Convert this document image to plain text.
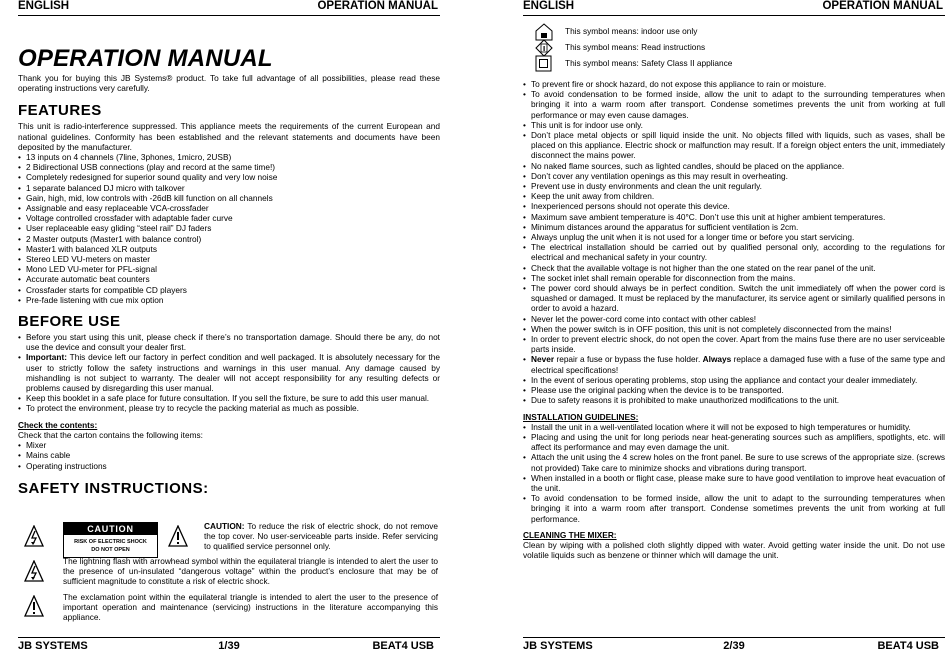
ENGLISH	OPERATION MANUAL
OPERATION MANUAL

Thank you for buying this JB Systems® product. To take full advantage of all possibilities, please read these operating instructions very carefully.

FEATURES

This unit is radio-interference suppressed. This appliance meets the requirements of the current European and national guidelines. Conformity has been established and the relevant statements and documents have been deposited by the manufacturer.

• 13 inputs on 4 channels (7line, 3phones, 1micro, 2USB)
• 2 Bidirectional USB connections (play and record at the same time!)
• Completely redesigned for superior sound quality and very low noise
• 1 separate balanced DJ micro with talkover
• Gain, high, mid, low controls with -26dB kill function on all channels
• Assignable and easy replaceable VCA-crossfader
• Voltage controlled crossfader with adaptable fader curve
• User replaceable easy gliding “steel rail” DJ faders
• 2 Master outputs (Master1 with balance control)
• Master1 with balanced XLR outputs
• Stereo LED VU-meters on master
• Mono LED VU-meter for PFL-signal
• Accurate automatic beat counters
• Crossfader starts for compatible CD players
• Pre-fade listening with cue mix option
BEFORE USE
• Before you start using this unit, please check if there’s no transportation damage. Should there be any, do not use the device and consult your dealer first.
• Important: This device left our factory in perfect condition and well packaged. It is absolutely necessary for the user to strictly follow the safety instructions and warnings in this user manual. Any damage caused by mishandling is not subject to warranty. The dealer will not accept responsibility for any resulting defects or problems caused by disregarding this user manual.
• Keep this booklet in a safe place for future consultation. If you sell the fixture, be sure to add this user manual.
• To protect the environment, please try to recycle the packing material as much as possible.
Check the contents:

Check that the carton contains the following items:

• Mixer
• Mains cable
• Operating instructions
SAFETY INSTRUCTIONS:
CAUTION
RISK OF ELECTRIC SHOCK
DO NOT OPEN

CAUTION: To reduce the risk of electric shock, do not remove the top cover. No user-serviceable parts inside. Refer servicing to qualified service personnel only.

The lightning flash with arrowhead symbol within the equilateral triangle is intended to alert the user to the presence of un-insulated “dangerous voltage” within the product’s enclosure that may be of sufficient magnitude to constitute a risk of electric shock.

The exclamation point within the equilateral triangle is intended to alert the user to the presence of important operation and maintenance (servicing) instructions in the literature accompanying this appliance.

JB SYSTEMS	1/39	BEAT4 USB
ENGLISH	OPERATION MANUAL
This symbol means: indoor use only
This symbol means: Read instructions
This symbol means: Safety Class II appliance
• To prevent fire or shock hazard, do not expose this appliance to rain or moisture.
• To avoid condensation to be formed inside, allow the unit to adapt to the surrounding temperatures when bringing it into a warm room after transport. Condense sometimes prevents the unit from working at full performance or may even cause damages.
• This unit is for indoor use only.
• Don’t place metal objects or spill liquid inside the unit. No objects filled with liquids, such as vases, shall be placed on this appliance. Electric shock or malfunction may result. If a foreign object enters the unit, immediately disconnect the mains power.
• No naked flame sources, such as lighted candles, should be placed on the appliance.
• Don’t cover any ventilation openings as this may result in overheating.
• Prevent use in dusty environments and clean the unit regularly.
• Keep the unit away from children.
• Inexperienced persons should not operate this device.
• Maximum save ambient temperature is 40°C. Don’t use this unit at higher ambient temperatures.
• Minimum distances around the apparatus for sufficient ventilation is 2cm.
• Always unplug the unit when it is not used for a longer time or before you start servicing.
• The electrical installation should be carried out by qualified personal only, according to the regulations for electrical and mechanical safety in your country.
• Check that the available voltage is not higher than the one stated on the rear panel of the unit.
• The socket inlet shall remain operable for disconnection from the mains.
• The power cord should always be in perfect condition. Switch the unit immediately off when the power cord is squashed or damaged. It must be replaced by the manufacturer, its service agent or similarly qualified persons in order to avoid a hazard.
• Never let the power-cord come into contact with other cables!
• When the power switch is in OFF position, this unit is not completely disconnected from the mains!
• In order to prevent electric shock, do not open the cover. Apart from the mains fuse there are no user serviceable parts inside.
• Never repair a fuse or bypass the fuse holder. Always replace a damaged fuse with a fuse of the same type and electrical specifications!
• In the event of serious operating problems, stop using the appliance and contact your dealer immediately.
• Please use the original packing when the device is to be transported.
• Due to safety reasons it is prohibited to make unauthorized modifications to the unit.
INSTALLATION GUIDELINES:
• Install the unit in a well-ventilated location where it will not be exposed to high temperatures or humidity.
• Placing and using the unit for long periods near heat-generating sources such as amplifiers, spotlights, etc. will affect its performance and may even damage the unit.
• Attach the unit using the 4 screw holes on the front panel. Be sure to use screws of the appropriate size. (screws not provided) Take care to minimize shocks and vibrations during transport.
• When installed in a booth or flight case, please make sure to have good ventilation to improve heat evacuation of the unit.
• To avoid condensation to be formed inside, allow the unit to adapt to the surrounding temperatures when bringing it into a warm room after transport. Condense sometimes prevents the unit from working at full performance.
CLEANING THE MIXER:

Clean by wiping with a polished cloth slightly dipped with water. Avoid getting water inside the unit. Do not use volatile liquids such as benzene or thinner which will damage the unit.

JB SYSTEMS	2/39	BEAT4 USB
